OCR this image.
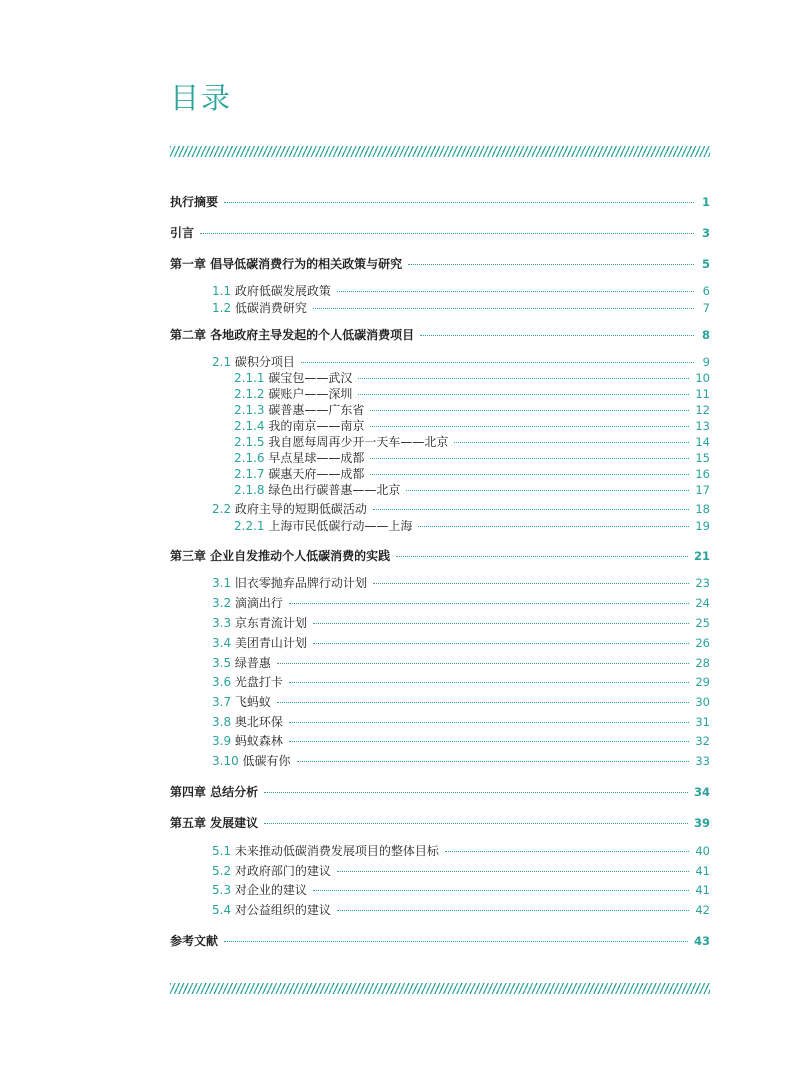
目录
执行摘要	1
引言	3
第一章 倡导低碳消费行为的相关政策与研究	5
1.1 政府低碳发展政策	6
1.2 低碳消费研究	7
第二章 各地政府主导发起的个人低碳消费项目	8
2.1 碳积分项目	9
2.1.1 碳宝包——武汉	10
2.1.2 碳账户——深圳	11
2.1.3 碳普惠——广东省	12
2.1.4 我的南京——南京	13
2.1.5 我自愿每周再少开一天车——北京	14
2.1.6 早点星球——成都	15
2.1.7 碳惠天府——成都	16
2.1.8 绿色出行碳普惠——北京	17
2.2 政府主导的短期低碳活动	18
2.2.1 上海市民低碳行动——上海	19
第三章 企业自发推动个人低碳消费的实践	21
3.1 旧衣零抛弃品牌行动计划	23
3.2 滴滴出行	24
3.3 京东青流计划	25
3.4 美团青山计划	26
3.5 绿普惠	28
3.6 光盘打卡	29
3.7 飞蚂蚁	30
3.8 奥北环保	31
3.9 蚂蚁森林	32
3.10 低碳有你	33
第四章 总结分析	34
第五章 发展建议	39
5.1 未来推动低碳消费发展项目的整体目标	40
5.2 对政府部门的建议	41
5.3 对企业的建议	41
5.4 对公益组织的建议	42
参考文献	43
